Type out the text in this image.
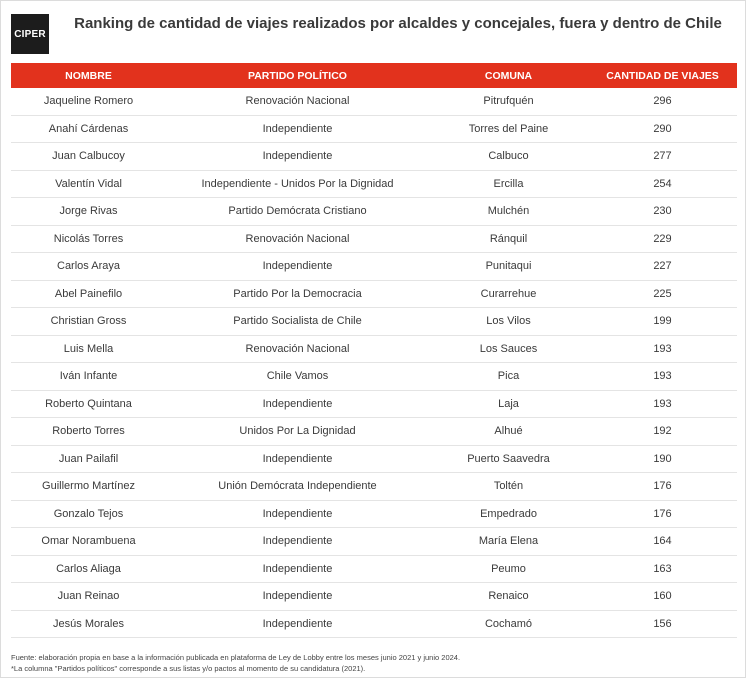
CIPER
Ranking de cantidad de viajes realizados por alcaldes y concejales, fuera y dentro de Chile
NOMBRE	PARTIDO POLÍTICO	COMUNA	CANTIDAD DE VIAJES
Jaqueline Romero	Renovación Nacional	Pitrufquén	296
Anahí Cárdenas	Independiente	Torres del Paine	290
Juan Calbucoy	Independiente	Calbuco	277
Valentín Vidal	Independiente - Unidos Por la Dignidad	Ercilla	254
Jorge Rivas	Partido Demócrata Cristiano	Mulchén	230
Nicolás Torres	Renovación Nacional	Ránquil	229
Carlos Araya	Independiente	Punitaqui	227
Abel Painefilo	Partido Por la Democracia	Curarrehue	225
Christian Gross	Partido Socialista de Chile	Los Vilos	199
Luis Mella	Renovación Nacional	Los Sauces	193
Iván Infante	Chile Vamos	Pica	193
Roberto Quintana	Independiente	Laja	193
Roberto Torres	Unidos Por La Dignidad	Alhué	192
Juan Pailafil	Independiente	Puerto Saavedra	190
Guillermo Martínez	Unión Demócrata Independiente	Toltén	176
Gonzalo Tejos	Independiente	Empedrado	176
Omar Norambuena	Independiente	María Elena	164
Carlos Aliaga	Independiente	Peumo	163
Juan Reinao	Independiente	Renaico	160
Jesús Morales	Independiente	Cochamó	156
Fuente: elaboración propia en base a la información publicada en plataforma de Ley de Lobby entre los meses junio 2021 y junio 2024.
*La columna "Partidos políticos" corresponde a sus listas y/o pactos al momento de su candidatura (2021).
